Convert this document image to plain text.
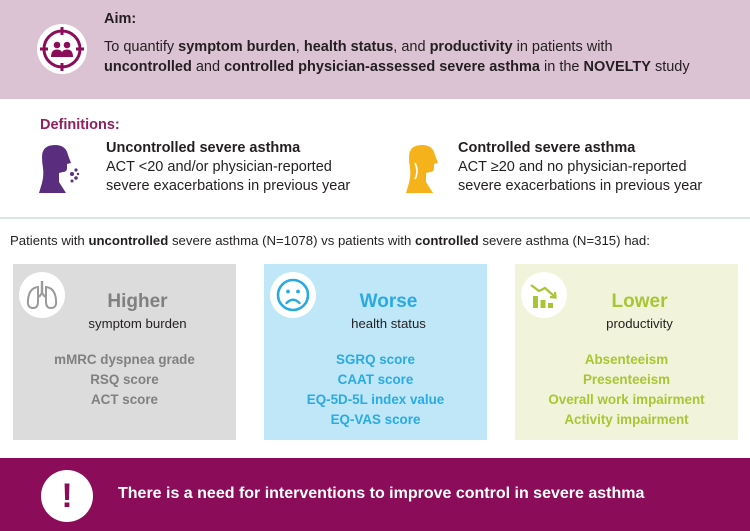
Aim:
To quantify symptom burden, health status, and productivity in patients with
uncontrolled and controlled physician-assessed severe asthma in the NOVELTY study
Definitions:
Uncontrolled severe asthma
ACT <20 and/or physician-reported
severe exacerbations in previous year
Controlled severe asthma
ACT ≥20 and no physician-reported
severe exacerbations in previous year
Patients with uncontrolled severe asthma (N=1078) vs patients with controlled severe asthma (N=315) had:
Higher
symptom burden
mMRC dyspnea grade
RSQ score
ACT score
Worse
health status
SGRQ score
CAAT score
EQ-5D-5L index value
EQ-VAS score
Lower
productivity
Absenteeism
Presenteeism
Overall work impairment
Activity impairment
!	There is a need for interventions to improve control in severe asthma
